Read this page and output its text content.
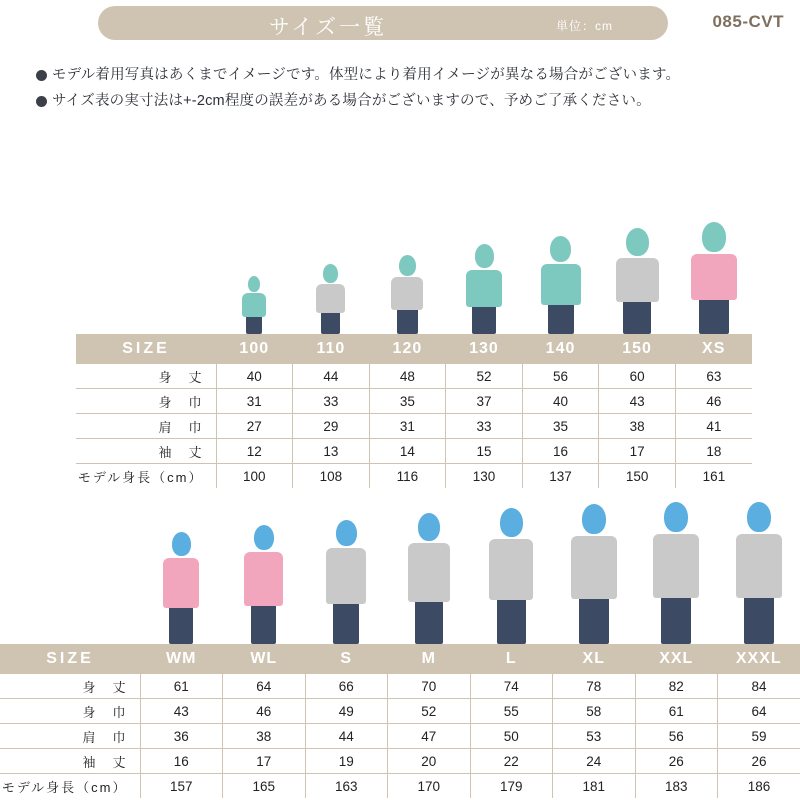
サイズ一覧	単位：cm	085-CVT
モデル着用写真はあくまでイメージです。体型により着用イメージが異なる場合がございます。
サイズ表の実寸法は+-2cm程度の誤差がある場合がございますので、予めご了承ください。
SIZE	100	110	120	130	140	150	XS
身　丈	40	44	48	52	56	60	63
身　巾	31	33	35	37	40	43	46
肩　巾	27	29	31	33	35	38	41
袖　丈	12	13	14	15	16	17	18
モデル身長（cm）	100	108	116	130	137	150	161
SIZE	WM	WL	S	M	L	XL	XXL	XXXL
身　丈	61	64	66	70	74	78	82	84
身　巾	43	46	49	52	55	58	61	64
肩　巾	36	38	44	47	50	53	56	59
袖　丈	16	17	19	20	22	24	26	26
モデル身長（cm）	157	165	163	170	179	181	183	186
